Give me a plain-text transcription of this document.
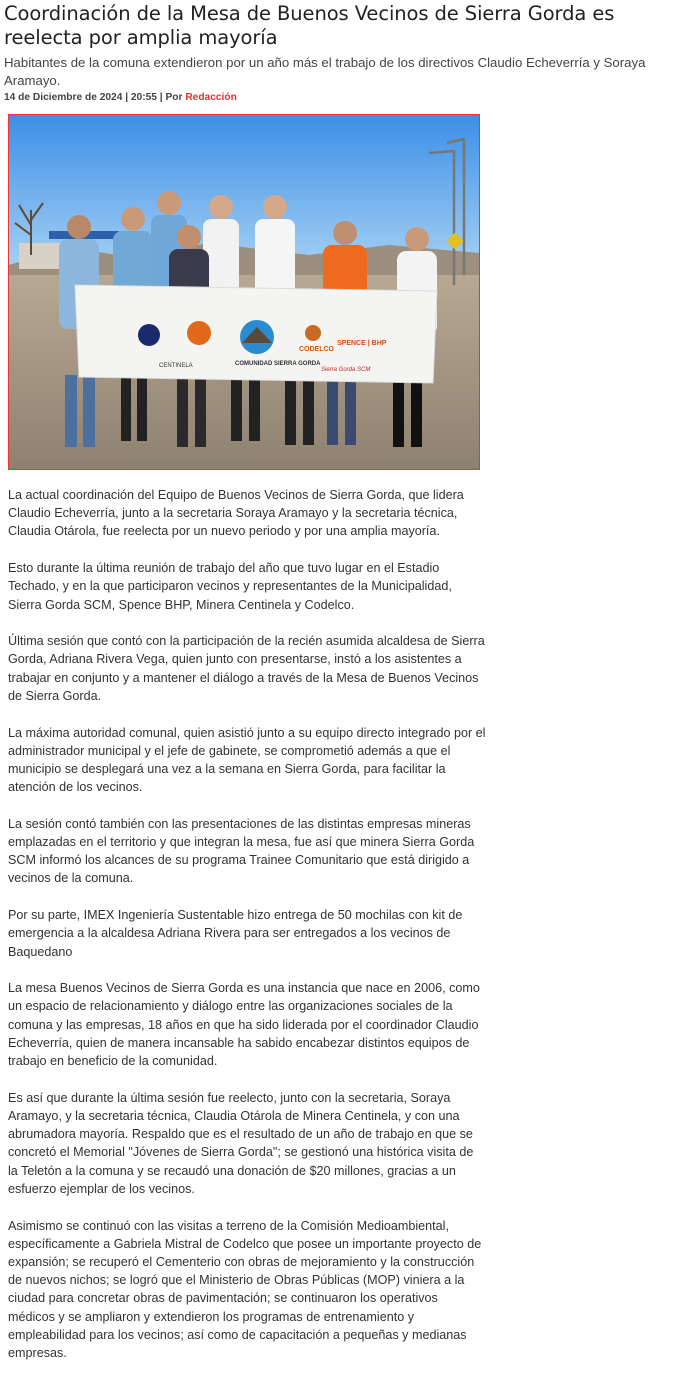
Coordinación de la Mesa de Buenos Vecinos de Sierra Gorda es reelecta por amplia mayoría

Habitantes de la comuna extendieron por un año más el trabajo de los directivos Claudio Echeverría y Soraya Aramayo.

14 de Diciembre de 2024 | 20:55 | Por Redacción
CENTINELA	COMUNIDAD SIERRA GORDA
CODELCO
SPENCE | BHP
Sierra Gorda SCM

La actual coordinación del Equipo de Buenos Vecinos de Sierra Gorda, que lidera Claudio Echeverría, junto a la secretaria Soraya Aramayo y la secretaria técnica, Claudia Otárola, fue reelecta por un nuevo periodo y por una amplia mayoría.

Esto durante la última reunión de trabajo del año que tuvo lugar en el Estadio Techado, y en la que participaron vecinos y representantes de la Municipalidad, Sierra Gorda SCM, Spence BHP, Minera Centinela y Codelco.

Última sesión que contó con la participación de la recién asumida alcaldesa de Sierra Gorda, Adriana Rivera Vega, quien junto con presentarse, instó a los asistentes a trabajar en conjunto y a mantener el diálogo a través de la Mesa de Buenos Vecinos de Sierra Gorda.

La máxima autoridad comunal, quien asistió junto a su equipo directo integrado por el administrador municipal y el jefe de gabinete, se comprometió además a que el municipio se desplegará una vez a la semana en Sierra Gorda, para facilitar la atención de los vecinos.

La sesión contó también con las presentaciones de las distintas empresas mineras emplazadas en el territorio y que integran la mesa, fue así que minera Sierra Gorda SCM informó los alcances de su programa Trainee Comunitario que está dirigido a vecinos de la comuna.

Por su parte, IMEX Ingeniería Sustentable hizo entrega de 50 mochilas con kit de emergencia a la alcaldesa Adriana Rivera para ser entregados a los vecinos de Baquedano

La mesa Buenos Vecinos de Sierra Gorda es una instancia que nace en 2006, como un espacio de relacionamiento y diálogo entre las organizaciones sociales de la comuna y las empresas, 18 años en que ha sido liderada por el coordinador Claudio Echeverría, quien de manera incansable ha sabido encabezar distintos equipos de trabajo en beneficio de la comunidad.

Es así que durante la última sesión fue reelecto, junto con la secretaria, Soraya Aramayo, y la secretaria técnica, Claudia Otárola de Minera Centinela, y con una abrumadora mayoría. Respaldo que es el resultado de un año de trabajo en que se concretó el Memorial "Jóvenes de Sierra Gorda"; se gestionó una histórica visita de la Teletón a la comuna y se recaudó una donación de $20 millones, gracias a un esfuerzo ejemplar de los vecinos.

Asimismo se continuó con las visitas a terreno de la Comisión Medioambiental, específicamente a Gabriela Mistral de Codelco que posee un importante proyecto de expansión; se recuperó el Cementerio con obras de mejoramiento y la construcción de nuevos nichos; se logró que el Ministerio de Obras Públicas (MOP) viniera a la ciudad para concretar obras de pavimentación; se continuaron los operativos médicos y se ampliaron y extendieron los programas de entrenamiento y empleabilidad para los vecinos; así como de capacitación a pequeñas y medianas empresas.
